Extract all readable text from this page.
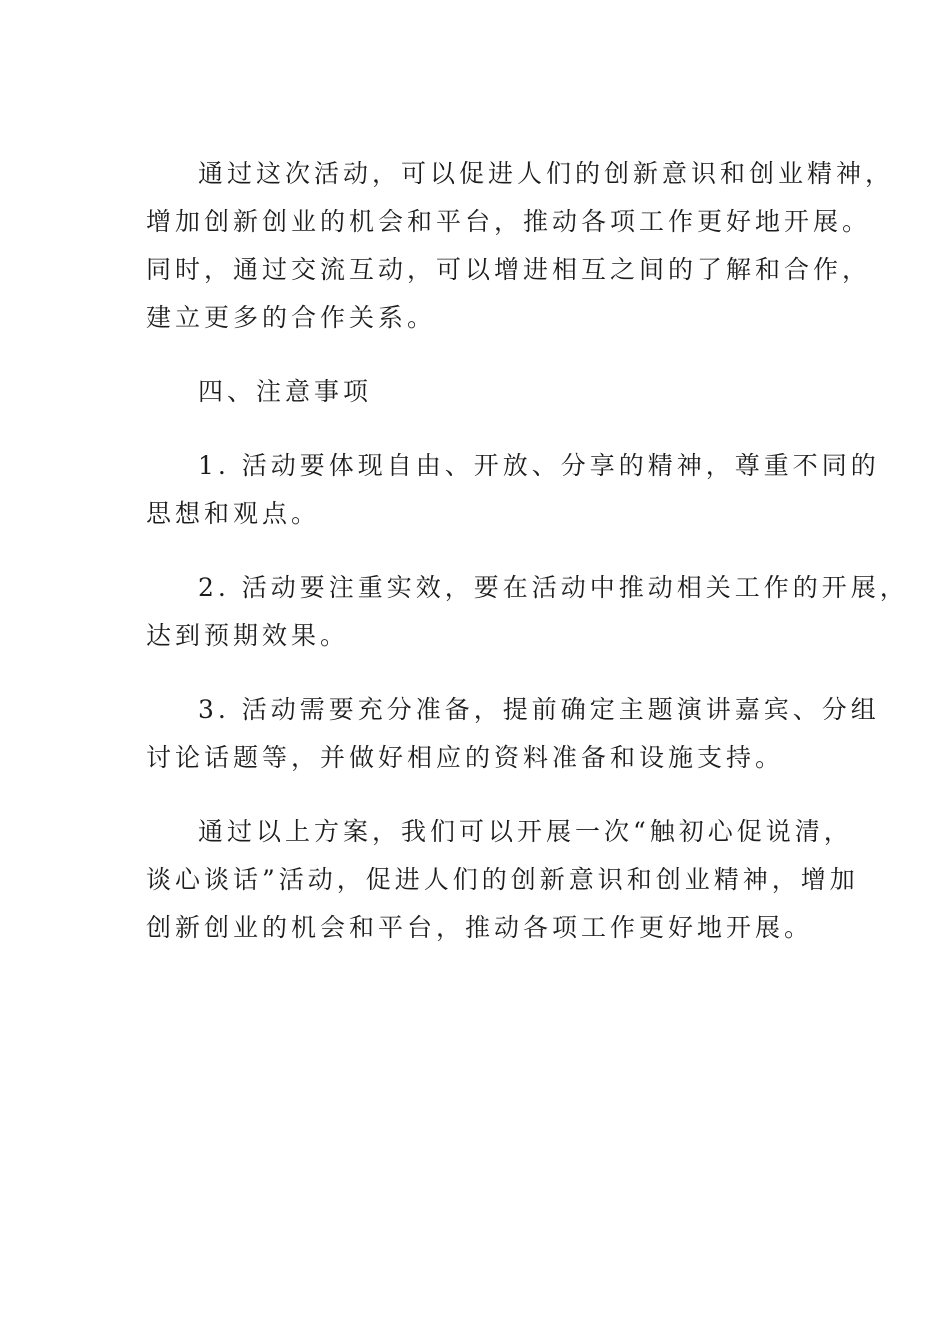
通过这次活动，可以促进人们的创新意识和创业精神，
增加创新创业的机会和平台，推动各项工作更好地开展。
同时，通过交流互动，可以增进相互之间的了解和合作，
建立更多的合作关系。

四、注意事项

1. 活动要体现自由、开放、分享的精神，尊重不同的
思想和观点。

2. 活动要注重实效，要在活动中推动相关工作的开展，
达到预期效果。

3. 活动需要充分准备，提前确定主题演讲嘉宾、分组
讨论话题等，并做好相应的资料准备和设施支持。

通过以上方案，我们可以开展一次“触初心促说清，
谈心谈话”活动，促进人们的创新意识和创业精神，增加
创新创业的机会和平台，推动各项工作更好地开展。
